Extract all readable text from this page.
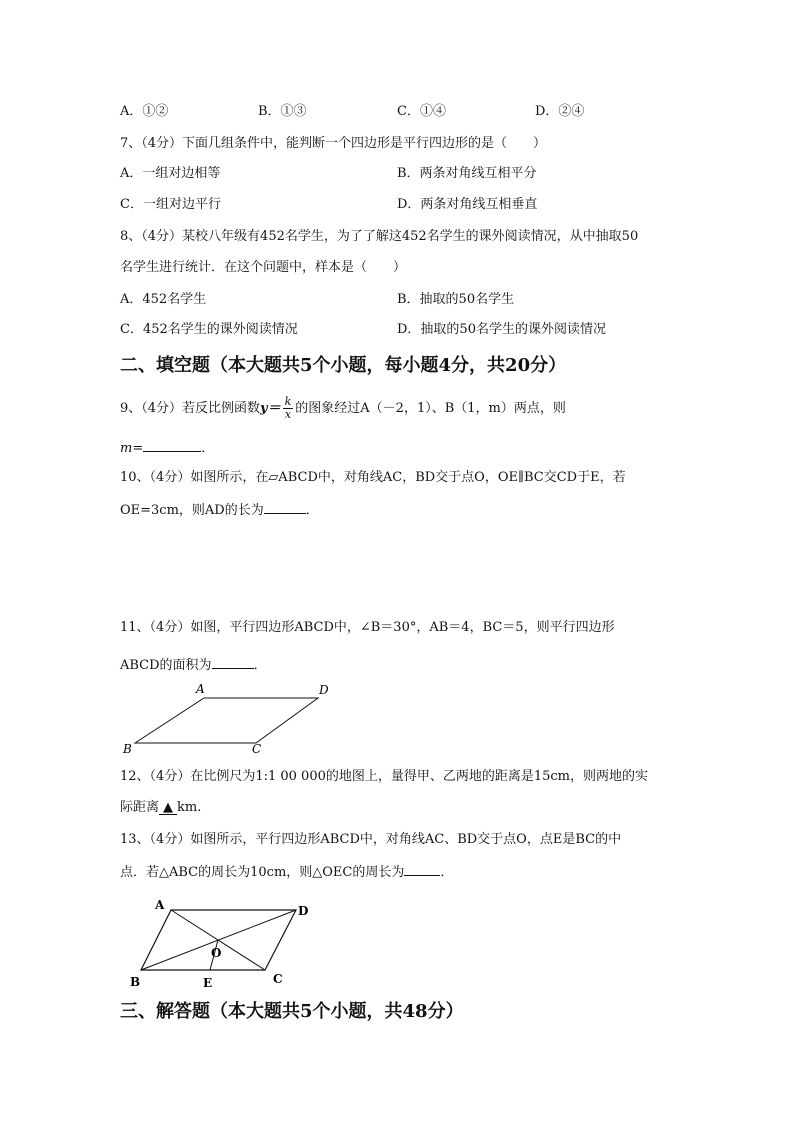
A．①②	B．①③	C．①④	D．②④
7、（4分）下面几组条件中，能判断一个四边形是平行四边形的是（　　）
A．一组对边相等	B．两条对角线互相平分
C．一组对边平行	D．两条对角线互相垂直
8、（4分）某校八年级有452名学生，为了了解这452名学生的课外阅读情况，从中抽取50
名学生进行统计．在这个问题中，样本是（　　）
A．452名学生	B．抽取的50名学生
C．452名学生的课外阅读情况	D．抽取的50名学生的课外阅读情况
二、填空题（本大题共5个小题，每小题4分，共20分）
9、（4分）若反比例函数$y= \frac{k}{x}$ 的图象经过A（－2，1）、B（1，m）两点，则
m=	．
10、（4分）如图所示，在▱ABCD中，对角线AC，BD交于点O，OE∥BC交CD于E，若
OE=3cm，则AD的长为	．
11、（4分）如图，平行四边形ABCD中，∠B＝30°，AB＝4，BC＝5，则平行四边形
ABCD的面积为	．
A	D
B	C
12、（4分）在比例尺为1:1 00 000的地图上，量得甲、乙两地的距离是15cm，则两地的实
际距离 ▲ km.
13、（4分）如图所示，平行四边形ABCD中，对角线AC、BD交于点O，点E是BC的中
点．若△ABC的周长为10cm，则△OEC的周长为	．
A	D
O
B	E	C
三、解答题（本大题共5个小题，共48分）
